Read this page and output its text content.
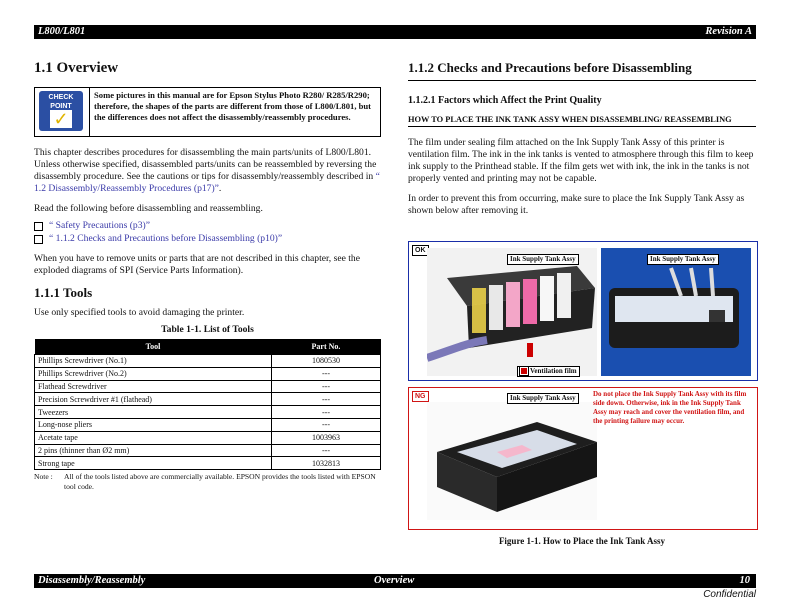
L800/L801	Revision A
1.1 Overview
CHECK
POINT
✓
Some pictures in this manual are for Epson Stylus Photo R280/ R285/R290; therefore, the shapes of the parts are different from those of L800/L801, but the differences does not affect the disassembly/reassembly procedures.

This chapter describes procedures for disassembling the main parts/units of L800/L801. Unless otherwise specified, disassembled parts/units can be reassembled by reversing the disassembly procedure. See the cautions or tips for disassembly/reassembly described in “ 1.2 Disassembly/Reassembly Procedures (p17)”.

Read the following before disassembling and reassembling.

“ Safety Precautions (p3)”
“ 1.1.2 Checks and Precautions before Disassembling (p10)”

When you have to remove units or parts that are not described in this chapter, see the exploded diagrams of SPI (Service Parts Information).

1.1.1 Tools

Use only specified tools to avoid damaging the printer.

Table 1-1. List of Tools
Tool	Part No.
Phillips Screwdriver (No.1)	1080530
Phillips Screwdriver (No.2)	---
Flathead Screwdriver	---
Precision Screwdriver #1 (flathead)	---
Tweezers	---
Long-nose pliers	---
Acetate tape	1003963
2 pins (thinner than Ø2 mm)	---
Strong tape	1032813
Note :	All of the tools listed above are commercially available. EPSON provides the tools listed with EPSON tool code.
1.1.2 Checks and Precautions before Disassembling
1.1.2.1 Factors which Affect the Print Quality
HOW TO PLACE THE INK TANK ASSY WHEN DISASSEMBLING/ REASSEMBLING

The film under sealing film attached on the Ink Supply Tank Assy of this printer is ventilation film. The ink in the ink tanks is vented to atmosphere through this film to keep ink supply to the Printhead stable. If the film gets wet with ink, the ink in the tanks is not properly vented and printing may not be capable.

In order to prevent this from occurring, make sure to place the Ink Supply Tank Assy as shown below after removing it.

OK
Ink Supply Tank Assy
Ventilation film
Ink Supply Tank Assy
NG	Ink Supply Tank Assy	Do not place the Ink Supply Tank Assy with its film side down. Otherwise, ink in the Ink Supply Tank Assy may reach and cover the ventilation film, and the printing failure may occur.
Figure 1-1. How to Place the Ink Tank Assy
Disassembly/Reassembly	Overview	10
Confidential
